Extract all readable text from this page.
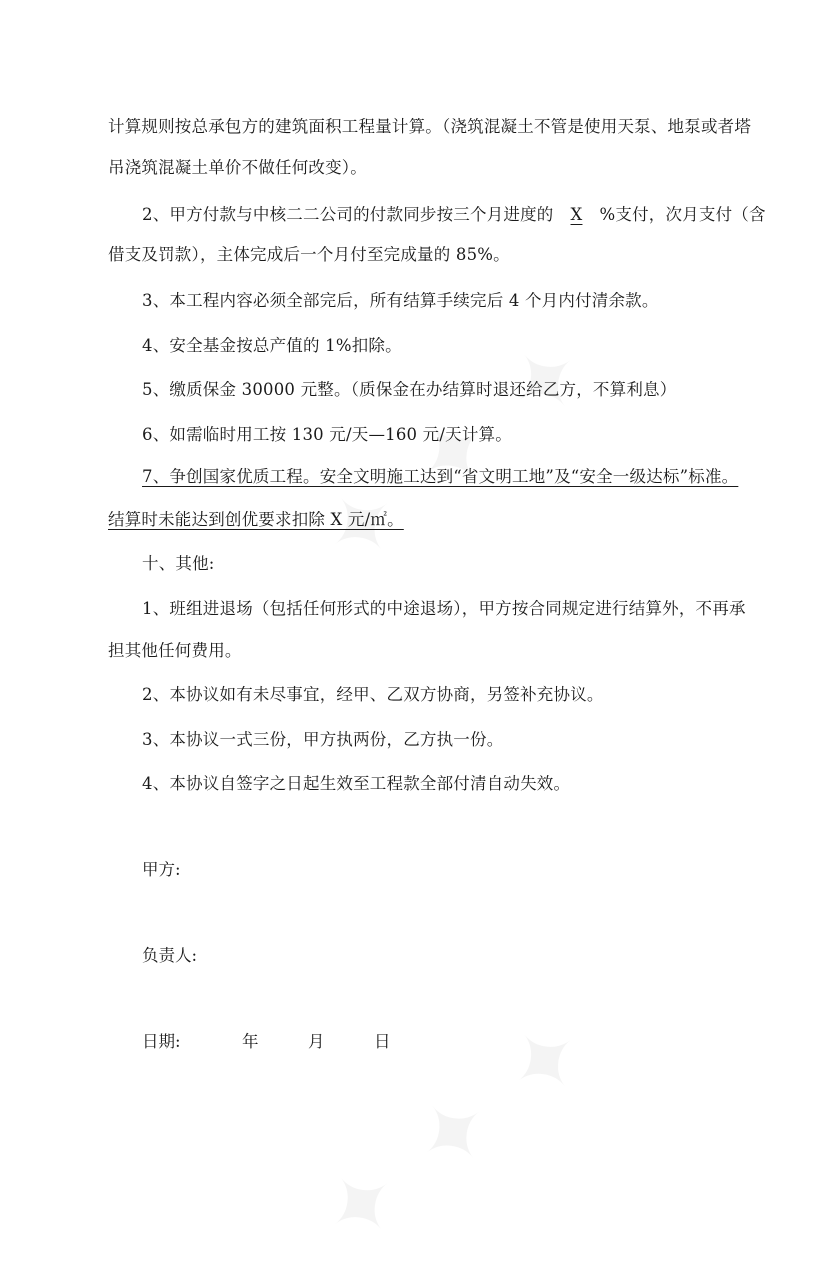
计算规则按总承包方的建筑面积工程量计算。（浇筑混凝土不管是使用天泵、地泵或者塔
吊浇筑混凝土单价不做任何改变）。
2、甲方付款与中核二二公司的付款同步按三个月进度的 X %支付，次月支付（含
借支及罚款），主体完成后一个月付至完成量的 85%。
3、本工程内容必须全部完后，所有结算手续完后 4 个月内付清余款。
4、安全基金按总产值的 1%扣除。
5、缴质保金 30000 元整。（质保金在办结算时退还给乙方，不算利息）
6、如需临时用工按 130 元/天—160 元/天计算。
7、争创国家优质工程。安全文明施工达到“省文明工地”及“安全一级达标”标准。
结算时未能达到创优要求扣除 X 元/㎡。
十、其他:
1、班组进退场（包括任何形式的中途退场），甲方按合同规定进行结算外，不再承
担其他任何费用。
2、本协议如有未尽事宜，经甲、乙双方协商，另签补充协议。
3、本协议一式三份，甲方执两份，乙方执一份。
4、本协议自签字之日起生效至工程款全部付清自动失效。
甲方:
负责人:
日期:	年	月	日
